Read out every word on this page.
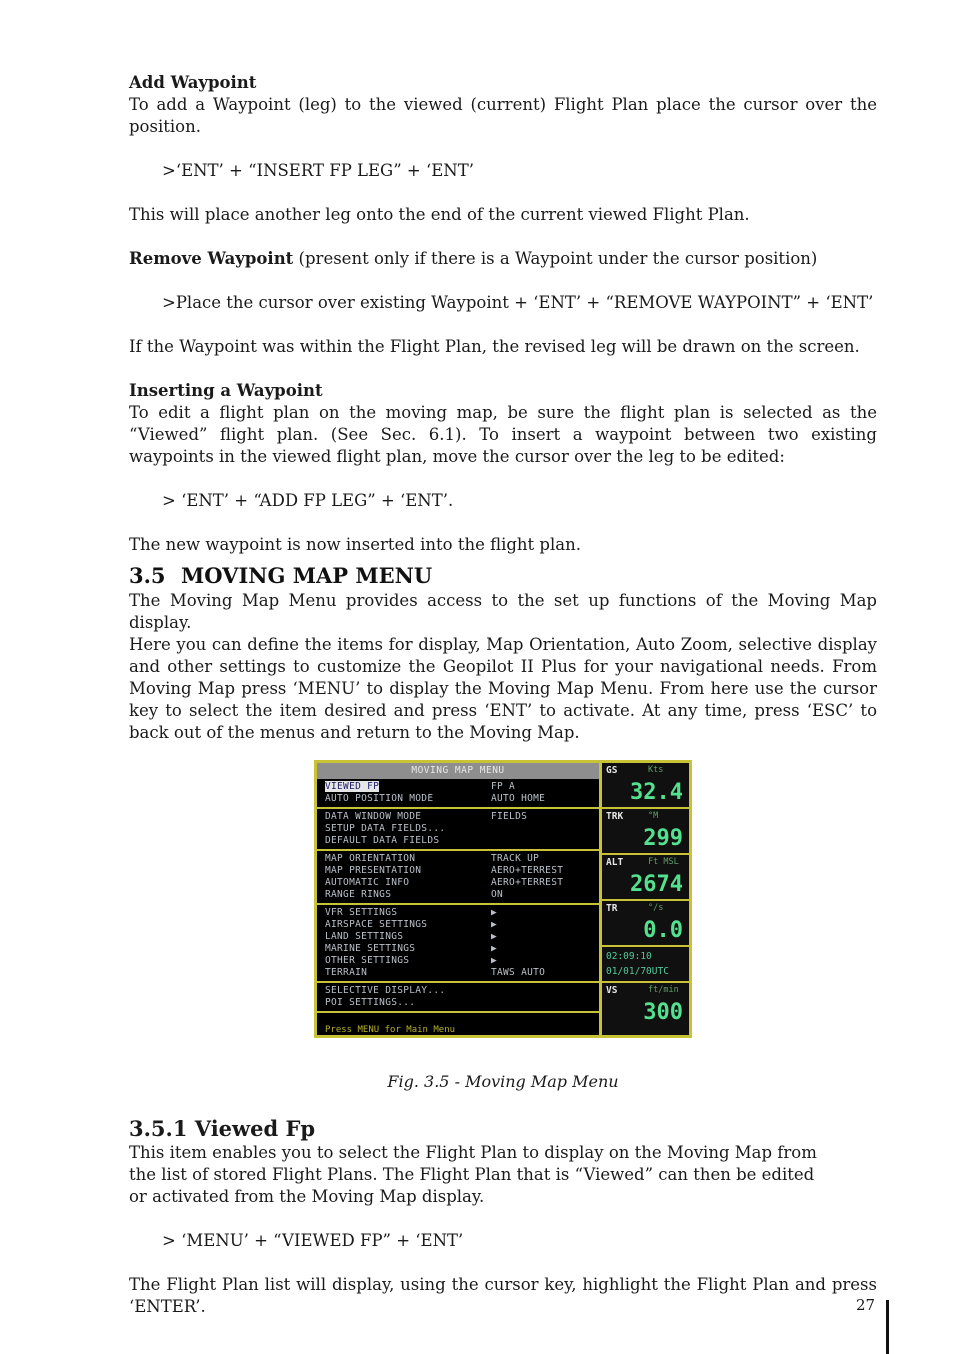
Add Waypoint

To add a Waypoint (leg) to the viewed (current) Flight Plan place the cursor over the position.

>‘ENT’ + “INSERT FP LEG” + ‘ENT’

This will place another leg onto the end of the current viewed Flight Plan.

Remove Waypoint (present only if there is a Waypoint under the cursor position)

>Place the cursor over existing Waypoint + ‘ENT’ + “REMOVE WAYPOINT” + ‘ENT’

If the Waypoint was within the Flight Plan, the revised leg will be drawn on the screen.

Inserting a Waypoint

To edit a flight plan on the moving map, be sure the flight plan is selected as the “Viewed” flight plan. (See Sec. 6.1). To insert a waypoint between two existing waypoints in the viewed flight plan, move the cursor over the leg to be edited:

> ‘ENT’ + “ADD FP LEG” + ‘ENT’.

The new waypoint is now inserted into the flight plan.

3.5 MOVING MAP MENU

The Moving Map Menu provides access to the set up functions of the Moving Map display.

Here you can define the items for display, Map Orientation, Auto Zoom, selective display and other settings to customize the Geopilot II Plus for your navigational needs. From Moving Map press ‘MENU’ to display the Moving Map Menu. From here use the cursor key to select the item desired and press ‘ENT’ to activate. At any time, press ‘ESC’ to back out of the menus and return to the Moving Map.

MOVING MAP MENU
VIEWED FP	FP A
AUTO POSITION MODE	AUTO HOME
DATA WINDOW MODE	FIELDS
SETUP DATA FIELDS...
DEFAULT DATA FIELDS
MAP ORIENTATION	TRACK UP
MAP PRESENTATION	AERO+TERREST
AUTOMATIC INFO	AERO+TERREST
RANGE RINGS	ON
VFR SETTINGS	▶
AIRSPACE SETTINGS	▶
LAND SETTINGS	▶
MARINE SETTINGS	▶
OTHER SETTINGS	▶
TERRAIN	TAWS AUTO
SELECTIVE DISPLAY...
POI SETTINGS...
Press MENU for Main Menu
GS	Kts
32.4
TRK	°M
299
ALT	Ft MSL
2674
TR	°/s
0.0
02:09:10
01/01/70UTC
VS	ft/min
300

Fig. 3.5 - Moving Map Menu

3.5.1 Viewed Fp

This item enables you to select the Flight Plan to display on the Moving Map from the list of stored Flight Plans. The Flight Plan that is “Viewed” can then be edited or activated from the Moving Map display.

> ‘MENU’ + “VIEWED FP” + ‘ENT’

The Flight Plan list will display, using the cursor key, highlight the Flight Plan and press ‘ENTER’.	27
